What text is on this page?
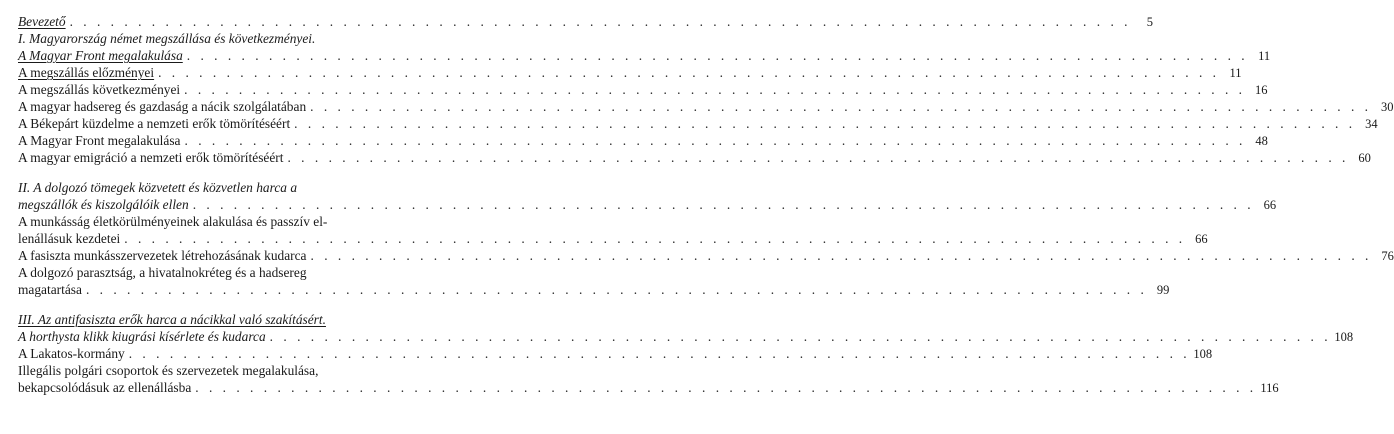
Bevezető . . .	5
I. Magyarország német megszállása és következményei.
A Magyar Front megalakulása . . .	11
A megszállás előzményei . . .	11
A megszállás következményei . . .	16
A magyar hadsereg és gazdaság a nácik szolgálatában . . .	30
A Békepárt küzdelme a nemzeti erők tömörítéséért . . .	34
A Magyar Front megalakulása . . .	48
A magyar emigráció a nemzeti erők tömörítéséért . . .	60
II. A dolgozó tömegek közvetett és közvetlen harca a
megszállók és kiszolgálóik ellen . . .	66
A munkásság életkörülményeinek alakulása és passzív el-
lenállásuk kezdetei . . .	66
A fasiszta munkásszervezetek létrehozásának kudarca . . .	76
A dolgozó parasztság, a hivatalnokréteg és a hadsereg
magatartása . . .	99
III. Az antifasiszta erők harca a nácikkal való szakításért.
A horthysta klikk kiugrási kísérlete és kudarca . . .	108
A Lakatos-kormány . . .	108
Illegális polgári csoportok és szervezetek megalakulása,
bekapcsolódásuk az ellenállásba . . .	116
